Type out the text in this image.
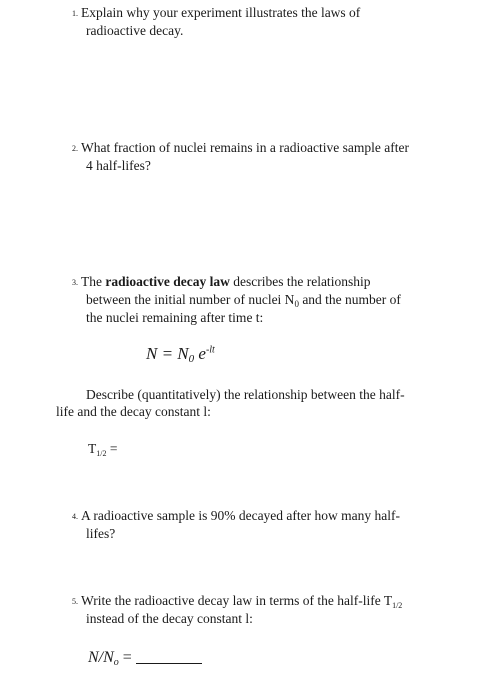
1. Explain why your experiment illustrates the laws of
radioactive decay.
2. What fraction of nuclei remains in a radioactive sample after
4 half-lifes?
3. The radioactive decay law describes the relationship
between the initial number of nuclei $N_0$ and the number of
the nuclei remaining after time t:
$N = N_0$ $e^{-lt}$
Describe (quantitatively) the relationship between the half-
life and the decay constant l:
$T_{1/2}$ =
4. A radioactive sample is 90% decayed after how many half-
lifes?
5. Write the radioactive decay law in terms of the half-life $T_{1/2}$
instead of the decay constant l:
$N/N_o$ =
